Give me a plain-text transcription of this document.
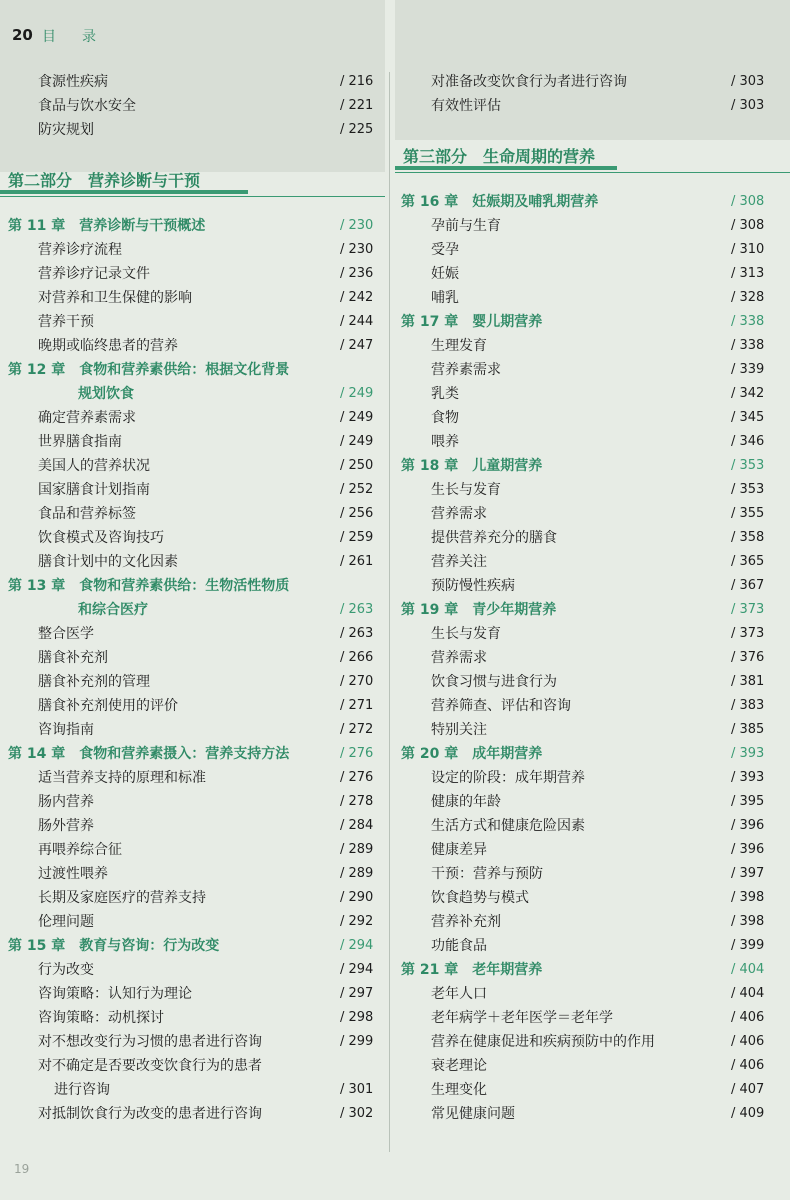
20 目录
食源性疾病	/ 216
食品与饮水安全	/ 221
防灾规划	/ 225
第二部分　营养诊断与干预
第 11 章　营养诊断与干预概述	/ 230
营养诊疗流程	/ 230
营养诊疗记录文件	/ 236
对营养和卫生保健的影响	/ 242
营养干预	/ 244
晚期或临终患者的营养	/ 247
第 12 章　食物和营养素供给：根据文化背景
规划饮食	/ 249
确定营养素需求	/ 249
世界膳食指南	/ 249
美国人的营养状况	/ 250
国家膳食计划指南	/ 252
食品和营养标签	/ 256
饮食模式及咨询技巧	/ 259
膳食计划中的文化因素	/ 261
第 13 章　食物和营养素供给：生物活性物质
和综合医疗	/ 263
整合医学	/ 263
膳食补充剂	/ 266
膳食补充剂的管理	/ 270
膳食补充剂使用的评价	/ 271
咨询指南	/ 272
第 14 章　食物和营养素摄入：营养支持方法	/ 276
适当营养支持的原理和标准	/ 276
肠内营养	/ 278
肠外营养	/ 284
再喂养综合征	/ 289
过渡性喂养	/ 289
长期及家庭医疗的营养支持	/ 290
伦理问题	/ 292
第 15 章　教育与咨询：行为改变	/ 294
行为改变	/ 294
咨询策略：认知行为理论	/ 297
咨询策略：动机探讨	/ 298
对不想改变行为习惯的患者进行咨询	/ 299
对不确定是否要改变饮食行为的患者
进行咨询	/ 301
对抵制饮食行为改变的患者进行咨询	/ 302
对准备改变饮食行为者进行咨询	/ 303
有效性评估	/ 303
第三部分　生命周期的营养
第 16 章　妊娠期及哺乳期营养	/ 308
孕前与生育	/ 308
受孕	/ 310
妊娠	/ 313
哺乳	/ 328
第 17 章　婴儿期营养	/ 338
生理发育	/ 338
营养素需求	/ 339
乳类	/ 342
食物	/ 345
喂养	/ 346
第 18 章　儿童期营养	/ 353
生长与发育	/ 353
营养需求	/ 355
提供营养充分的膳食	/ 358
营养关注	/ 365
预防慢性疾病	/ 367
第 19 章　青少年期营养	/ 373
生长与发育	/ 373
营养需求	/ 376
饮食习惯与进食行为	/ 381
营养筛查、评估和咨询	/ 383
特别关注	/ 385
第 20 章　成年期营养	/ 393
设定的阶段：成年期营养	/ 393
健康的年龄	/ 395
生活方式和健康危险因素	/ 396
健康差异	/ 396
干预：营养与预防	/ 397
饮食趋势与模式	/ 398
营养补充剂	/ 398
功能食品	/ 399
第 21 章　老年期营养	/ 404
老年人口	/ 404
老年病学＋老年医学＝老年学	/ 406
营养在健康促进和疾病预防中的作用	/ 406
衰老理论	/ 406
生理变化	/ 407
常见健康问题	/ 409
19
